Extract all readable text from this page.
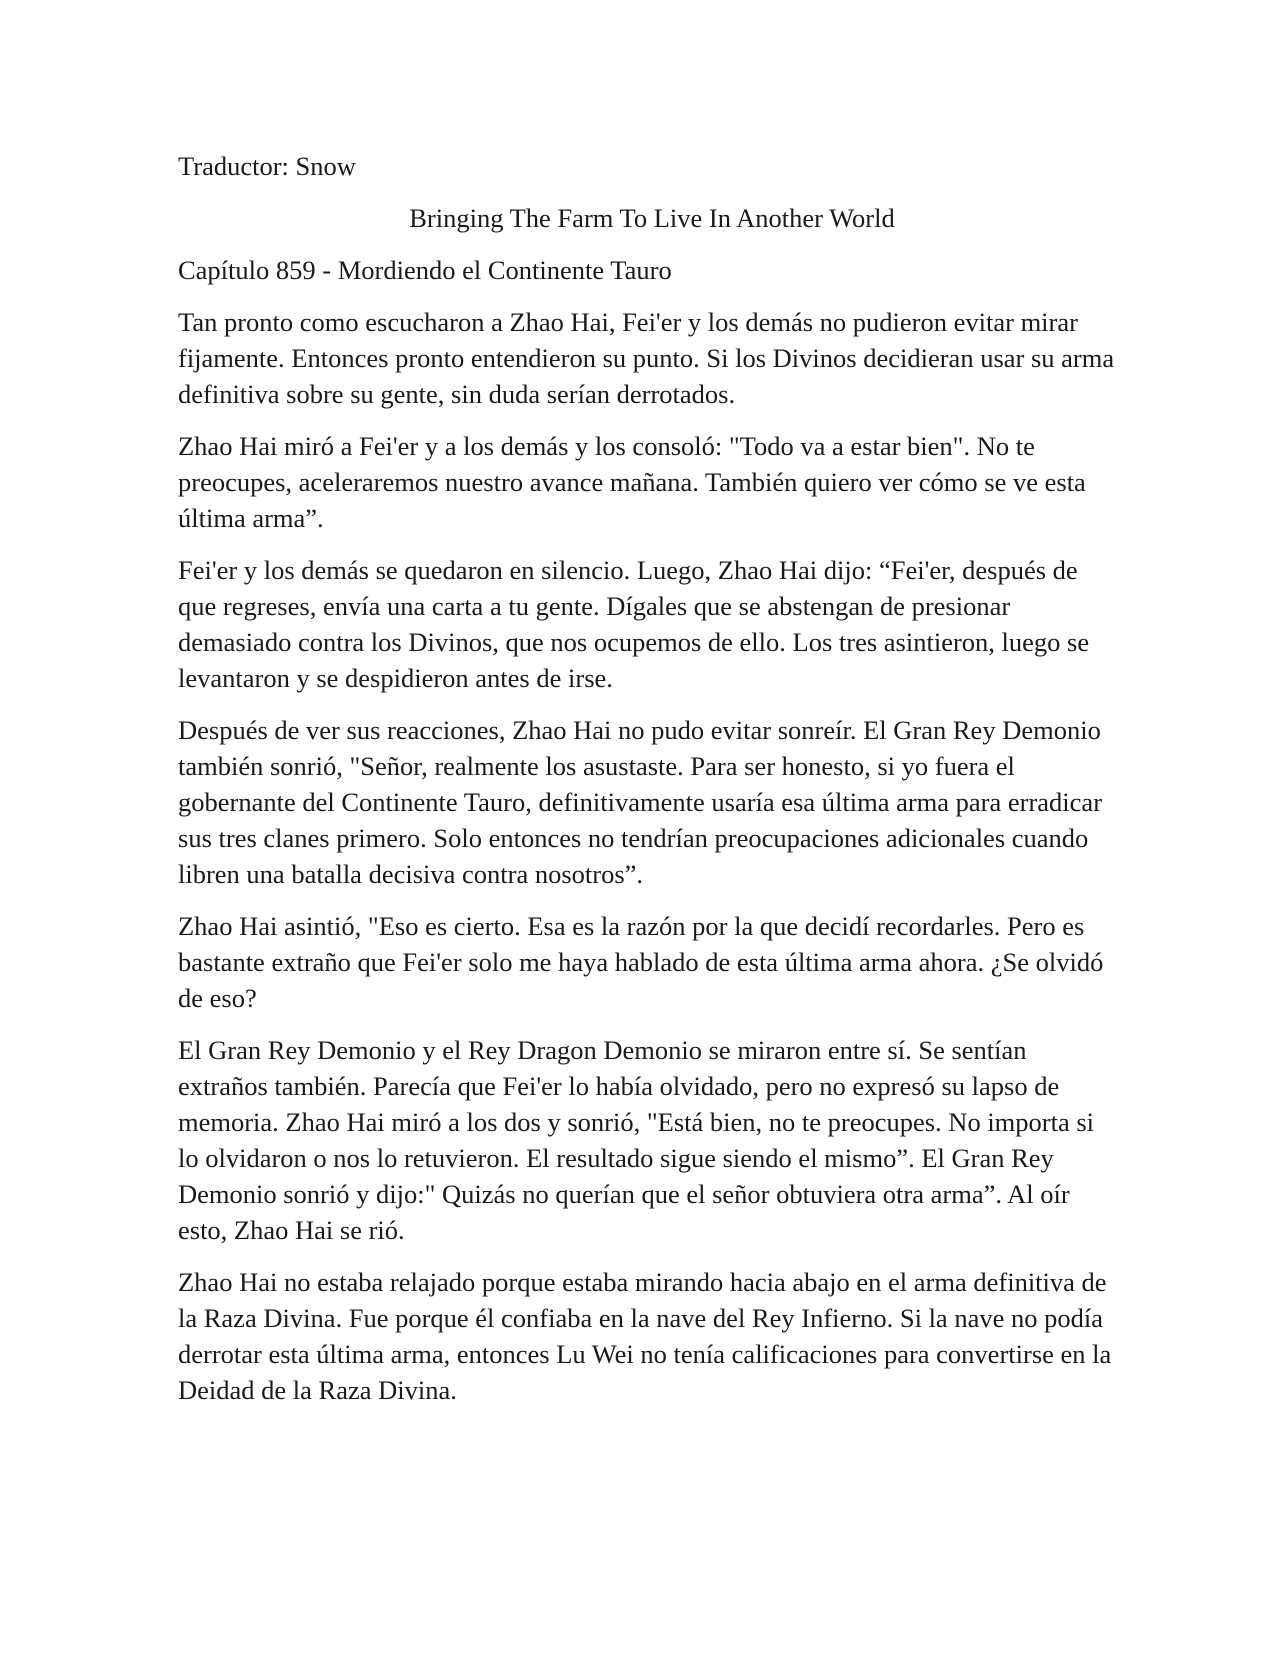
Traductor: Snow

Bringing The Farm To Live In Another World

Capítulo 859 - Mordiendo el Continente Tauro

Tan pronto como escucharon a Zhao Hai, Fei'er y los demás no pudieron evitar mirar fijamente. Entonces pronto entendieron su punto. Si los Divinos decidieran usar su arma definitiva sobre su gente, sin duda serían derrotados.

Zhao Hai miró a Fei'er y a los demás y los consoló: "Todo va a estar bien". No te preocupes, aceleraremos nuestro avance mañana. También quiero ver cómo se ve esta última arma”.

Fei'er y los demás se quedaron en silencio. Luego, Zhao Hai dijo: “Fei'er, después de que regreses, envía una carta a tu gente. Dígales que se abstengan de presionar demasiado contra los Divinos, que nos ocupemos de ello. Los tres asintieron, luego se levantaron y se despidieron antes de irse.

Después de ver sus reacciones, Zhao Hai no pudo evitar sonreír. El Gran Rey Demonio también sonrió, "Señor, realmente los asustaste. Para ser honesto, si yo fuera el gobernante del Continente Tauro, definitivamente usaría esa última arma para erradicar sus tres clanes primero. Solo entonces no tendrían preocupaciones adicionales cuando libren una batalla decisiva contra nosotros”.

Zhao Hai asintió, "Eso es cierto. Esa es la razón por la que decidí recordarles. Pero es bastante extraño que Fei'er solo me haya hablado de esta última arma ahora. ¿Se olvidó de eso?

El Gran Rey Demonio y el Rey Dragon Demonio se miraron entre sí. Se sentían extraños también. Parecía que Fei'er lo había olvidado, pero no expresó su lapso de memoria. Zhao Hai miró a los dos y sonrió, "Está bien, no te preocupes. No importa si lo olvidaron o nos lo retuvieron. El resultado sigue siendo el mismo”. El Gran Rey Demonio sonrió y dijo:" Quizás no querían que el señor obtuviera otra arma”. Al oír esto, Zhao Hai se rió.

Zhao Hai no estaba relajado porque estaba mirando hacia abajo en el arma definitiva de la Raza Divina. Fue porque él confiaba en la nave del Rey Infierno. Si la nave no podía derrotar esta última arma, entonces Lu Wei no tenía calificaciones para convertirse en la Deidad de la Raza Divina.
